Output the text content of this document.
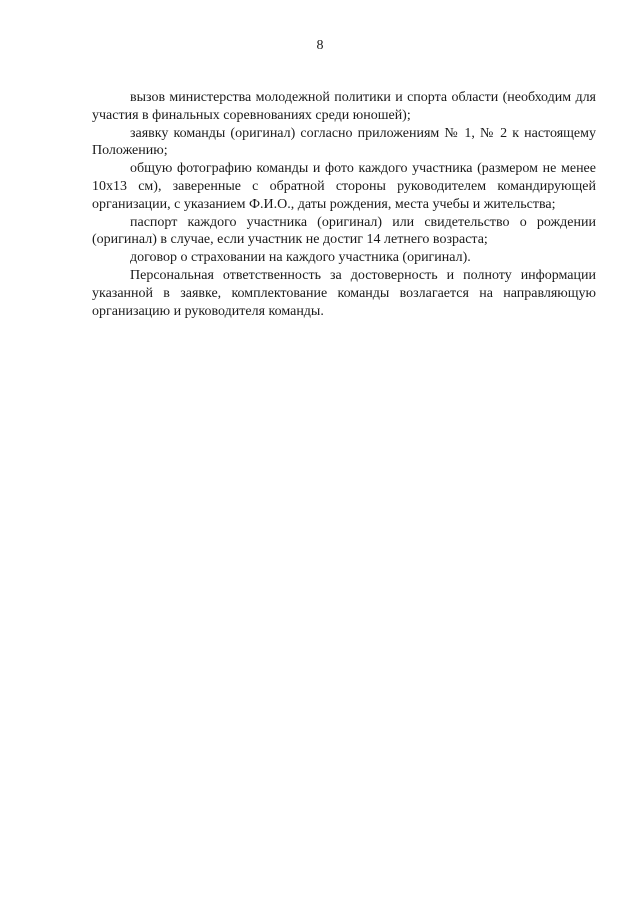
8

вызов министерства молодежной политики и спорта области (необходим для участия в финальных соревнованиях среди юношей);

заявку команды (оригинал) согласно приложениям № 1, № 2 к настоящему Положению;

общую фотографию команды и фото каждого участника (размером не менее 10х13 см), заверенные с обратной стороны руководителем командирующей организации, с указанием Ф.И.О., даты рождения, места учебы и жительства;

паспорт каждого участника (оригинал) или свидетельство о рождении (оригинал) в случае, если участник не достиг 14 летнего возраста;

договор о страховании на каждого участника (оригинал).

Персональная ответственность за достоверность и полноту информации указанной в заявке, комплектование команды возлагается на направляющую организацию и руководителя команды.
